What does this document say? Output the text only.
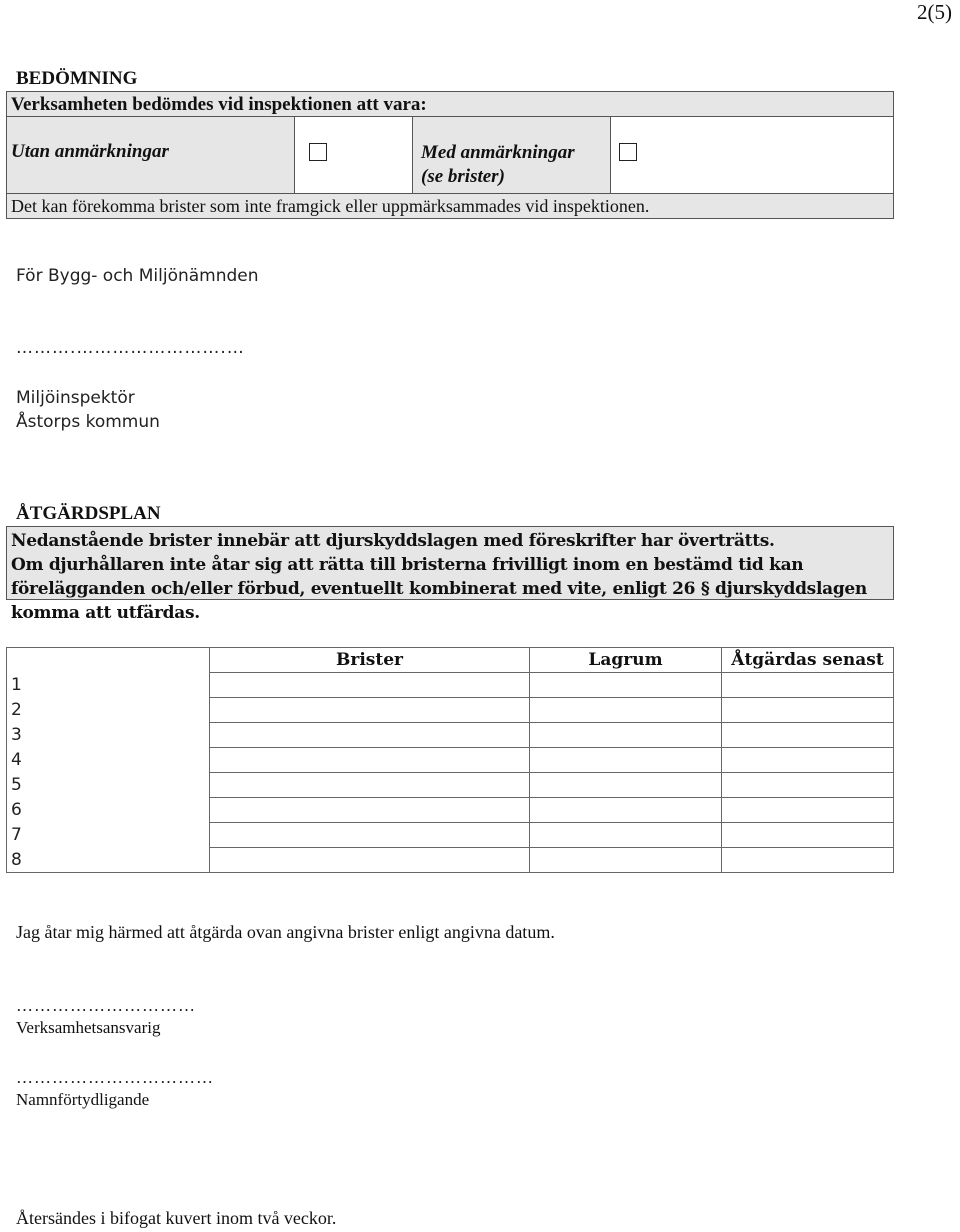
2(5)
BEDÖMNING
Verksamheten bedömdes vid inspektionen att vara:
Utan anmärkningar	Med anmärkningar
(se brister)
Det kan förekomma brister som inte framgick eller uppmärksammades vid inspektionen.
För Bygg- och Miljönämnden
……….…………………….…
Miljöinspektör
Åstorps kommun
ÅTGÄRDSPLAN

Nedanstående brister innebär att djurskyddslagen med föreskrifter har överträtts.

Om djurhållaren inte åtar sig att rätta till bristerna frivilligt inom en bestämd tid kan förelägganden och/eller förbud, eventuellt kombinerat med vite, enligt 26 § djurskyddslagen komma att utfärdas.

	Brister	Lagrum	Åtgärdas senast
1			
2			
3			
4			
5			
6			
7			
8			
Jag åtar mig härmed att åtgärda ovan angivna brister enligt angivna datum.
…………………………
Verksamhetsansvarig
……………………………
Namnförtydligande
Återsändes i bifogat kuvert inom två veckor.
